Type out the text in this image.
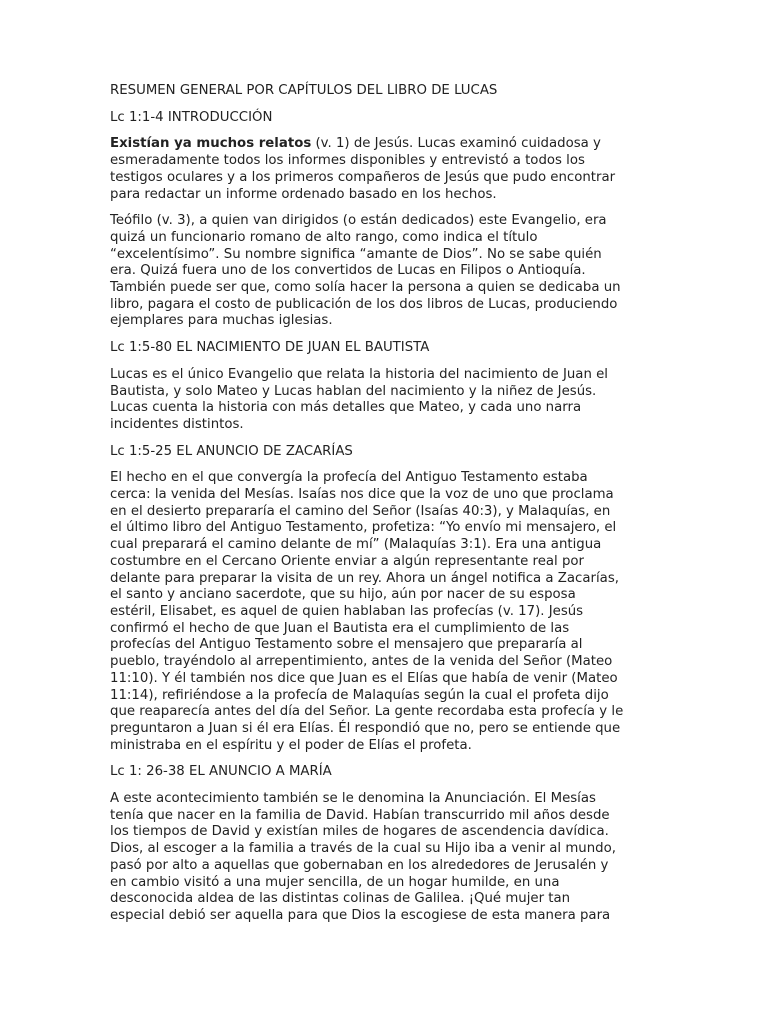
RESUMEN GENERAL POR CAPÍTULOS DEL LIBRO DE LUCAS
Lc 1:1-4 INTRODUCCIÓN
Existían ya muchos relatos (v. 1) de Jesús. Lucas examinó cuidadosa y
esmeradamente todos los informes disponibles y entrevistó a todos los
testigos oculares y a los primeros compañeros de Jesús que pudo encontrar
para redactar un informe ordenado basado en los hechos.
Teófilo (v. 3), a quien van dirigidos (o están dedicados) este Evangelio, era
quizá un funcionario romano de alto rango, como indica el título
“excelentísimo”. Su nombre significa “amante de Dios”. No se sabe quién
era. Quizá fuera uno de los convertidos de Lucas en Filipos o Antioquía.
También puede ser que, como solía hacer la persona a quien se dedicaba un
libro, pagara el costo de publicación de los dos libros de Lucas, produciendo
ejemplares para muchas iglesias.
Lc 1:5-80 EL NACIMIENTO DE JUAN EL BAUTISTA
Lucas es el único Evangelio que relata la historia del nacimiento de Juan el
Bautista, y solo Mateo y Lucas hablan del nacimiento y la niñez de Jesús.
Lucas cuenta la historia con más detalles que Mateo, y cada uno narra
incidentes distintos.
Lc 1:5-25 EL ANUNCIO DE ZACARÍAS
El hecho en el que convergía la profecía del Antiguo Testamento estaba
cerca: la venida del Mesías. Isaías nos dice que la voz de uno que proclama
en el desierto prepararía el camino del Señor (Isaías 40:3), y Malaquías, en
el último libro del Antiguo Testamento, profetiza: “Yo envío mi mensajero, el
cual preparará el camino delante de mí” (Malaquías 3:1). Era una antigua
costumbre en el Cercano Oriente enviar a algún representante real por
delante para preparar la visita de un rey. Ahora un ángel notifica a Zacarías,
el santo y anciano sacerdote, que su hijo, aún por nacer de su esposa
estéril, Elisabet, es aquel de quien hablaban las profecías (v. 17). Jesús
confirmó el hecho de que Juan el Bautista era el cumplimiento de las
profecías del Antiguo Testamento sobre el mensajero que prepararía al
pueblo, trayéndolo al arrepentimiento, antes de la venida del Señor (Mateo
11:10). Y él también nos dice que Juan es el Elías que había de venir (Mateo
11:14), refiriéndose a la profecía de Malaquías según la cual el profeta dijo
que reaparecía antes del día del Señor. La gente recordaba esta profecía y le
preguntaron a Juan si él era Elías. Él respondió que no, pero se entiende que
ministraba en el espíritu y el poder de Elías el profeta.
Lc 1: 26-38 EL ANUNCIO A MARÍA
A este acontecimiento también se le denomina la Anunciación. El Mesías
tenía que nacer en la familia de David. Habían transcurrido mil años desde
los tiempos de David y existían miles de hogares de ascendencia davídica.
Dios, al escoger a la familia a través de la cual su Hijo iba a venir al mundo,
pasó por alto a aquellas que gobernaban en los alrededores de Jerusalén y
en cambio visitó a una mujer sencilla, de un hogar humilde, en una
desconocida aldea de las distintas colinas de Galilea. ¡Qué mujer tan
especial debió ser aquella para que Dios la escogiese de esta manera para
